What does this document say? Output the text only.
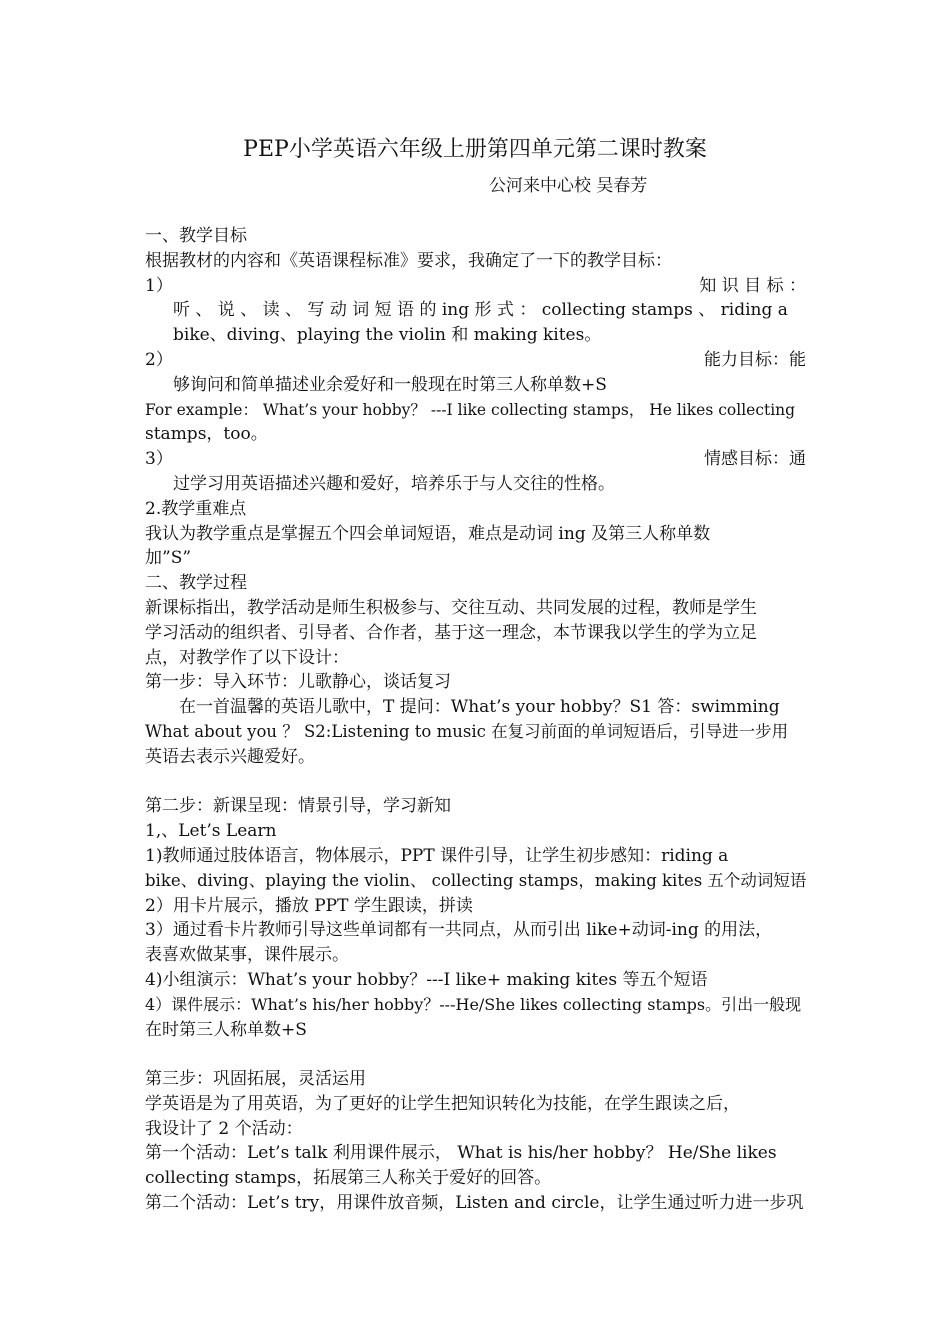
PEP小学英语六年级上册第四单元第二课时教案
公河来中心校 吴春芳
一、教学目标
根据教材的内容和《英语课程标准》要求，我确定了一下的教学目标：
1）	知 识 目 标 ：
听 、 说 、 读 、 写 动 词 短 语 的 ing 形 式 ： collecting stamps 、 riding a
bike、diving、playing the violin 和 making kites。
2）	能力目标：能
够询问和简单描述业余爱好和一般现在时第三人称单数+S
For example： What’s your hobby？ ---I like collecting stamps， He likes collecting
stamps，too。
3）	情感目标：通
过学习用英语描述兴趣和爱好，培养乐于与人交往的性格。
2.教学重难点
我认为教学重点是掌握五个四会单词短语，难点是动词 ing 及第三人称单数
加”S”
二、教学过程
新课标指出，教学活动是师生积极参与、交往互动、共同发展的过程，教师是学生
学习活动的组织者、引导者、合作者，基于这一理念，本节课我以学生的学为立足
点，对教学作了以下设计：
第一步：导入环节：儿歌静心，谈话复习
在一首温馨的英语儿歌中，T 提问：What’s your hobby？S1 答：swimming
What about you ？ S2:Listening to music 在复习前面的单词短语后，引导进一步用
英语去表示兴趣爱好。
第二步：新课呈现：情景引导，学习新知
1,、Let’s Learn
1)教师通过肢体语言，物体展示，PPT 课件引导，让学生初步感知：riding a
bike、diving、playing the violin、 collecting stamps，making kites 五个动词短语
2）用卡片展示，播放 PPT 学生跟读，拼读
3）通过看卡片教师引导这些单词都有一共同点，从而引出 like+动词-ing 的用法，
表喜欢做某事，课件展示。
4)小组演示：What’s your hobby？---I like+ making kites 等五个短语
4）课件展示：What’s his/her hobby？---He/She likes collecting stamps。引出一般现
在时第三人称单数+S
第三步：巩固拓展，灵活运用
学英语是为了用英语，为了更好的让学生把知识转化为技能，在学生跟读之后，
我设计了 2 个活动：
第一个活动：Let’s talk 利用课件展示， What is his/her hobby？ He/She likes
collecting stamps，拓展第三人称关于爱好的回答。
第二个活动：Let’s try，用课件放音频，Listen and circle，让学生通过听力进一步巩
